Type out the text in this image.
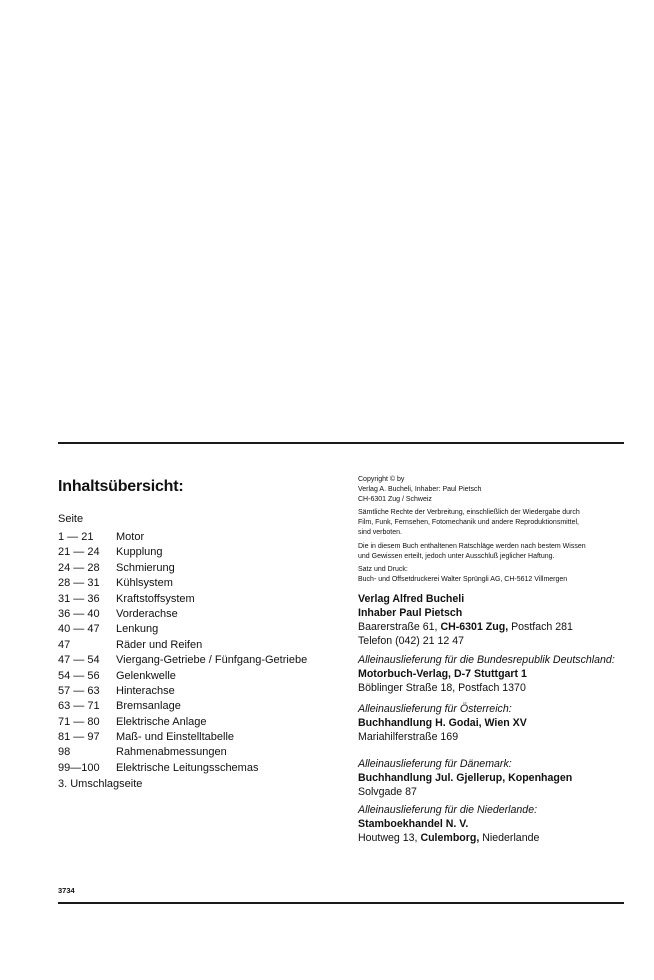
Inhaltsübersicht:
Seite
1 — 21	Motor
21 — 24	Kupplung
24 — 28	Schmierung
28 — 31	Kühlsystem
31 — 36	Kraftstoffsystem
36 — 40	Vorderachse
40 — 47	Lenkung
47	Räder und Reifen
47 — 54	Viergang-Getriebe / Fünfgang-Getriebe
54 — 56	Gelenkwelle
57 — 63	Hinterachse
63 — 71	Bremsanlage
71 — 80	Elektrische Anlage
81 — 97	Maß- und Einstelltabelle
98	Rahmenabmessungen
99—100	Elektrische Leitungsschemas
3. Umschlagseite

Copyright © by

Verlag A. Bucheli, Inhaber: Paul Pietsch

CH-6301 Zug / Schweiz

Sämtliche Rechte der Verbreitung, einschließlich der Wiedergabe durch

Film, Funk, Fernsehen, Fotomechanik und andere Reproduktionsmittel,

sind verboten.

Die in diesem Buch enthaltenen Ratschläge werden nach bestem Wissen

und Gewissen erteilt, jedoch unter Ausschluß jeglicher Haftung.

Satz und Druck:

Buch- und Offsetdruckerei Walter Sprüngli AG, CH-5612 Villmergen

Verlag Alfred Bucheli

Inhaber Paul Pietsch

Baarerstraße 61, CH-6301 Zug, Postfach 281

Telefon (042) 21 12 47

Alleinauslieferung für die Bundesrepublik Deutschland:

Motorbuch-Verlag, D-7 Stuttgart 1

Böblinger Straße 18, Postfach 1370

Alleinauslieferung für Österreich:

Buchhandlung H. Godai, Wien XV

Mariahilferstraße 169

Alleinauslieferung für Dänemark:

Buchhandlung Jul. Gjellerup, Kopenhagen

Solvgade 87

Alleinauslieferung für die Niederlande:

Stamboekhandel N. V.

Houtweg 13, Culemborg, Niederlande

3734
